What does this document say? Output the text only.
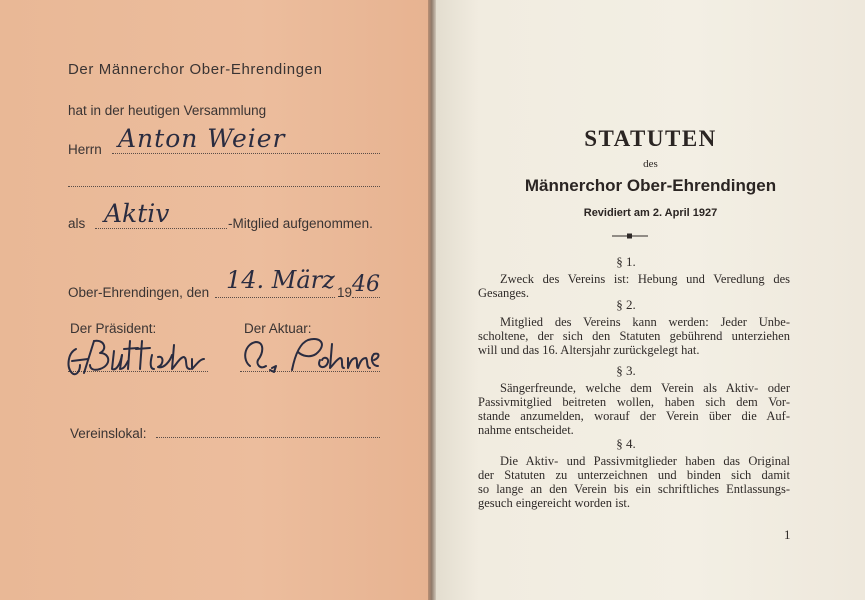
Der Männerchor Ober-Ehrendingen
hat in der heutigen Versammlung
Herrn Anton Weier
als Aktiv	-Mitglied aufgenommen.
Ober-Ehrendingen, den 14. März 19 46
Der Präsident:	Der Aktuar:
Vereinslokal:
STATUTEN
des
Männerchor Ober-Ehrendingen
Revidiert am 2. April 1927
§ 1.
Zweck des Vereins ist: Hebung und Veredlung des
Gesanges.
§ 2.
Mitglied des Vereins kann werden: Jeder Unbe-
scholtene, der sich den Statuten gebührend unterziehen
will und das 16. Altersjahr zurückgelegt hat.
§ 3.
Sängerfreunde, welche dem Verein als Aktiv- oder
Passivmitglied beitreten wollen, haben sich dem Vor-
stande anzumelden, worauf der Verein über die Auf-
nahme entscheidet.
§ 4.
Die Aktiv- und Passivmitglieder haben das Original
der Statuten zu unterzeichnen und binden sich damit
so lange an den Verein bis ein schriftliches Entlassungs-
gesuch eingereicht worden ist.
1
